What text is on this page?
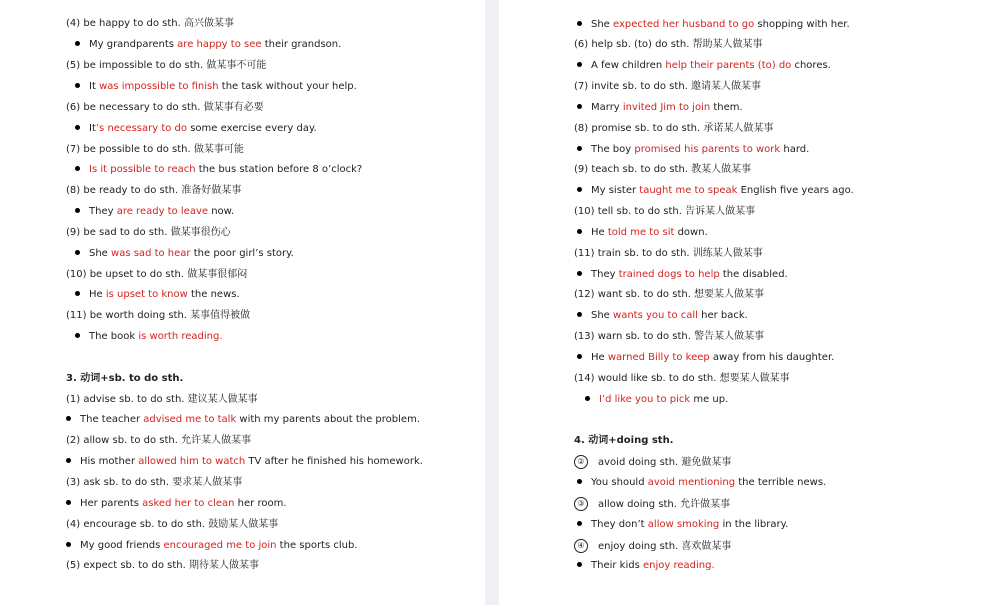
(4) be happy to do sth. 高兴做某事
My grandparents are happy to see their grandson.
(5) be impossible to do sth. 做某事不可能
It was impossible to finish the task without your help.
(6) be necessary to do sth. 做某事有必要
It’s necessary to do some exercise every day.
(7) be possible to do sth. 做某事可能
Is it possible to reach the bus station before 8 o’clock?
(8) be ready to do sth. 准备好做某事
They are ready to leave now.
(9) be sad to do sth. 做某事很伤心
She was sad to hear the poor girl’s story.
(10) be upset to do sth. 做某事很郁闷
He is upset to know the news.
(11) be worth doing sth. 某事值得被做
The book is worth reading.
3. 动词+sb. to do sth.
(1) advise sb. to do sth. 建议某人做某事
The teacher advised me to talk with my parents about the problem.
(2) allow sb. to do sth. 允许某人做某事
His mother allowed him to watch TV after he finished his homework.
(3) ask sb. to do sth. 要求某人做某事
Her parents asked her to clean her room.
(4) encourage sb. to do sth. 鼓励某人做某事
My good friends encouraged me to join the sports club.
(5) expect sb. to do sth. 期待某人做某事
She expected her husband to go shopping with her.
(6) help sb. (to) do sth. 帮助某人做某事
A few children help their parents (to) do chores.
(7) invite sb. to do sth. 邀请某人做某事
Marry invited Jim to join them.
(8) promise sb. to do sth. 承诺某人做某事
The boy promised his parents to work hard.
(9) teach sb. to do sth. 教某人做某事
My sister taught me to speak English five years ago.
(10) tell sb. to do sth. 告诉某人做某事
He told me to sit down.
(11) train sb. to do sth. 训练某人做某事
They trained dogs to help the disabled.
(12) want sb. to do sth. 想要某人做某事
She wants you to call her back.
(13) warn sb. to do sth. 警告某人做某事
He warned Billy to keep away from his daughter.
(14) would like sb. to do sth. 想要某人做某事
I’d like you to pick me up.
4. 动词+doing sth.
② avoid doing sth. 避免做某事
You should avoid mentioning the terrible news.
③ allow doing sth. 允许做某事
They don’t allow smoking in the library.
④ enjoy doing sth. 喜欢做某事
Their kids enjoy reading.
